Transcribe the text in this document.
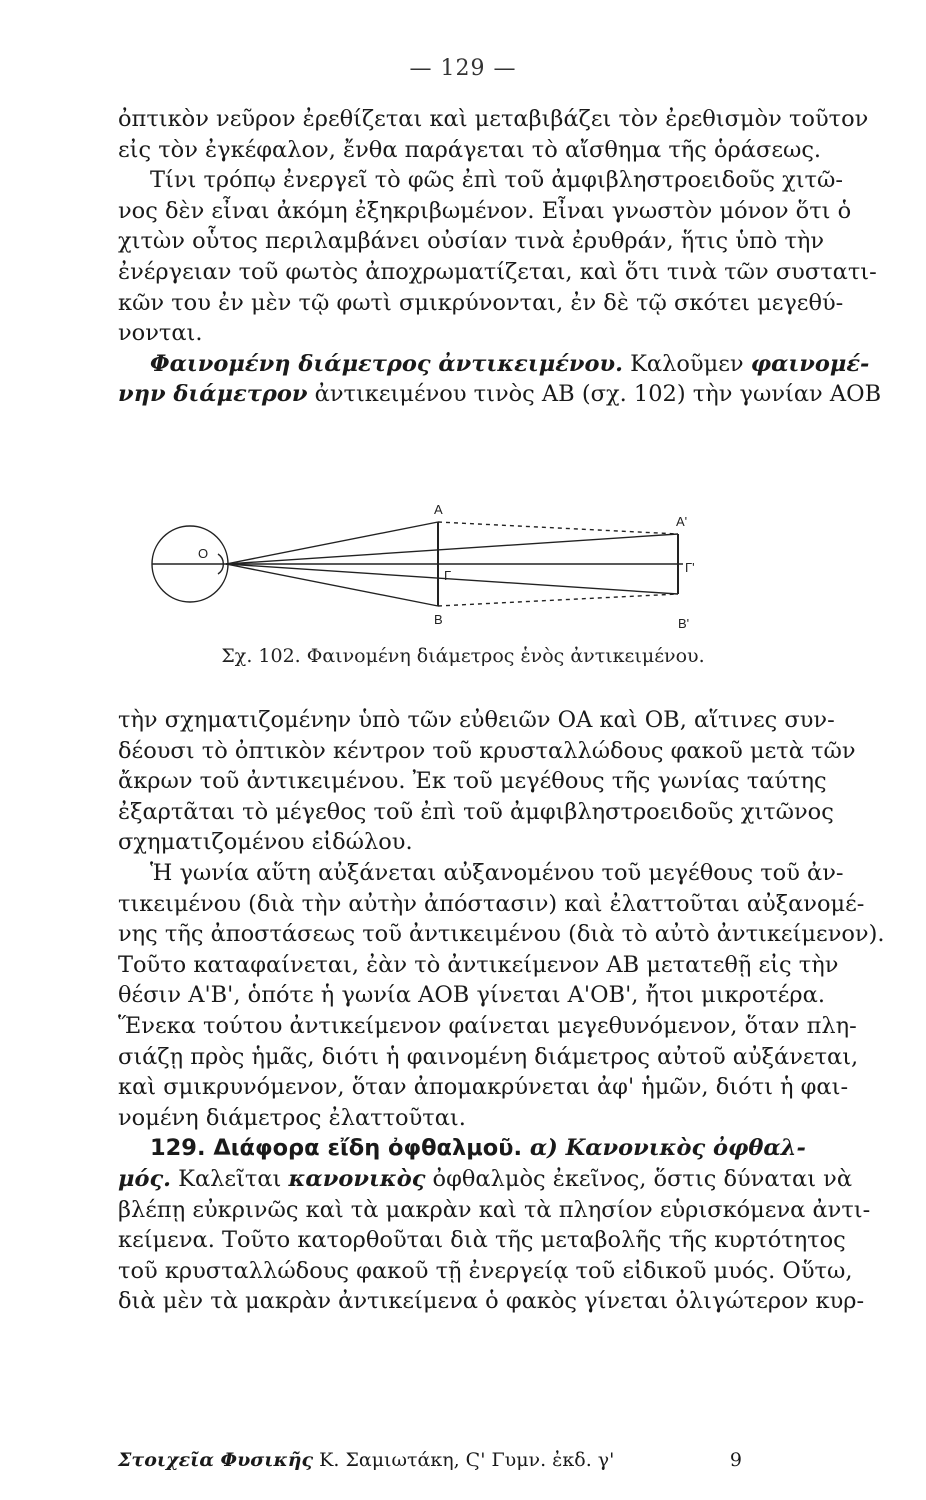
— 129 —
ὀπτικὸν νεῦρον ἐρεθίζεται καὶ μεταβιβάζει τὸν ἐρεθισμὸν τοῦτον
εἰς τὸν ἐγκέφαλον, ἔνθα παράγεται τὸ αἴσθημα τῆς ὁράσεως.
Τίνι τρόπῳ ἐνεργεῖ τὸ φῶς ἐπὶ τοῦ ἀμφιβληστροειδοῦς χιτῶ-
νος δὲν εἶναι ἀκόμη ἐξηκριβωμένον. Εἶναι γνωστὸν μόνον ὅτι ὁ
χιτὼν οὗτος περιλαμβάνει οὐσίαν τινὰ ἐρυθράν, ἥτις ὑπὸ τὴν
ἐνέργειαν τοῦ φωτὸς ἀποχρωματίζεται, καὶ ὅτι τινὰ τῶν συστατι-
κῶν του ἐν μὲν τῷ φωτὶ σμικρύνονται, ἐν δὲ τῷ σκότει μεγεθύ-
νονται.
Φαινομένη διάμετρος ἀντικειμένου. Καλοῦμεν φαινομέ-
νην διάμετρον ἀντικειμένου τινὸς ΑΒ (σχ. 102) τὴν γωνίαν ΑΟΒ
O
A
A'
Γ
Γ'
B	B'
Σχ. 102. Φαινομένη διάμετρος ἑνὸς ἀντικειμένου.
τὴν σχηματιζομένην ὑπὸ τῶν εὐθειῶν ΟΑ καὶ ΟΒ, αἵτινες συν-
δέουσι τὸ ὀπτικὸν κέντρον τοῦ κρυσταλλώδους φακοῦ μετὰ τῶν
ἄκρων τοῦ ἀντικειμένου. Ἐκ τοῦ μεγέθους τῆς γωνίας ταύτης
ἐξαρτᾶται τὸ μέγεθος τοῦ ἐπὶ τοῦ ἀμφιβληστροειδοῦς χιτῶνος
σχηματιζομένου εἰδώλου.
Ἡ γωνία αὕτη αὐξάνεται αὐξανομένου τοῦ μεγέθους τοῦ ἀν-
τικειμένου (διὰ τὴν αὐτὴν ἀπόστασιν) καὶ ἐλαττοῦται αὐξανομέ-
νης τῆς ἀποστάσεως τοῦ ἀντικειμένου (διὰ τὸ αὐτὸ ἀντικείμενον).
Τοῦτο καταφαίνεται, ἐὰν τὸ ἀντικείμενον ΑΒ μετατεθῇ εἰς τὴν
θέσιν Α'Β', ὁπότε ἡ γωνία ΑΟΒ γίνεται Α'ΟΒ', ἤτοι μικροτέρα.
Ἕνεκα τούτου ἀντικείμενον φαίνεται μεγεθυνόμενον, ὅταν πλη-
σιάζῃ πρὸς ἡμᾶς, διότι ἡ φαινομένη διάμετρος αὐτοῦ αὐξάνεται,
καὶ σμικρυνόμενον, ὅταν ἀπομακρύνεται ἀφ' ἡμῶν, διότι ἡ φαι-
νομένη διάμετρος ἐλαττοῦται.
129. Διάφορα εἴδη ὀφθαλμοῦ. α) Κανονικὸς ὀφθαλ-
μός. Καλεῖται κανονικὸς ὀφθαλμὸς ἐκεῖνος, ὅστις δύναται νὰ
βλέπῃ εὐκρινῶς καὶ τὰ μακρὰν καὶ τὰ πλησίον εὑρισκόμενα ἀντι-
κείμενα. Τοῦτο κατορθοῦται διὰ τῆς μεταβολῆς τῆς κυρτότητος
τοῦ κρυσταλλώδους φακοῦ τῇ ἐνεργείᾳ τοῦ εἰδικοῦ μυός. Οὕτω,
διὰ μὲν τὰ μακρὰν ἀντικείμενα ὁ φακὸς γίνεται ὀλιγώτερον κυρ-
Στοιχεῖα Φυσικῆς Κ. Σαμιωτάκη, Ϛ' Γυμν. ἐκδ. γ'	9
